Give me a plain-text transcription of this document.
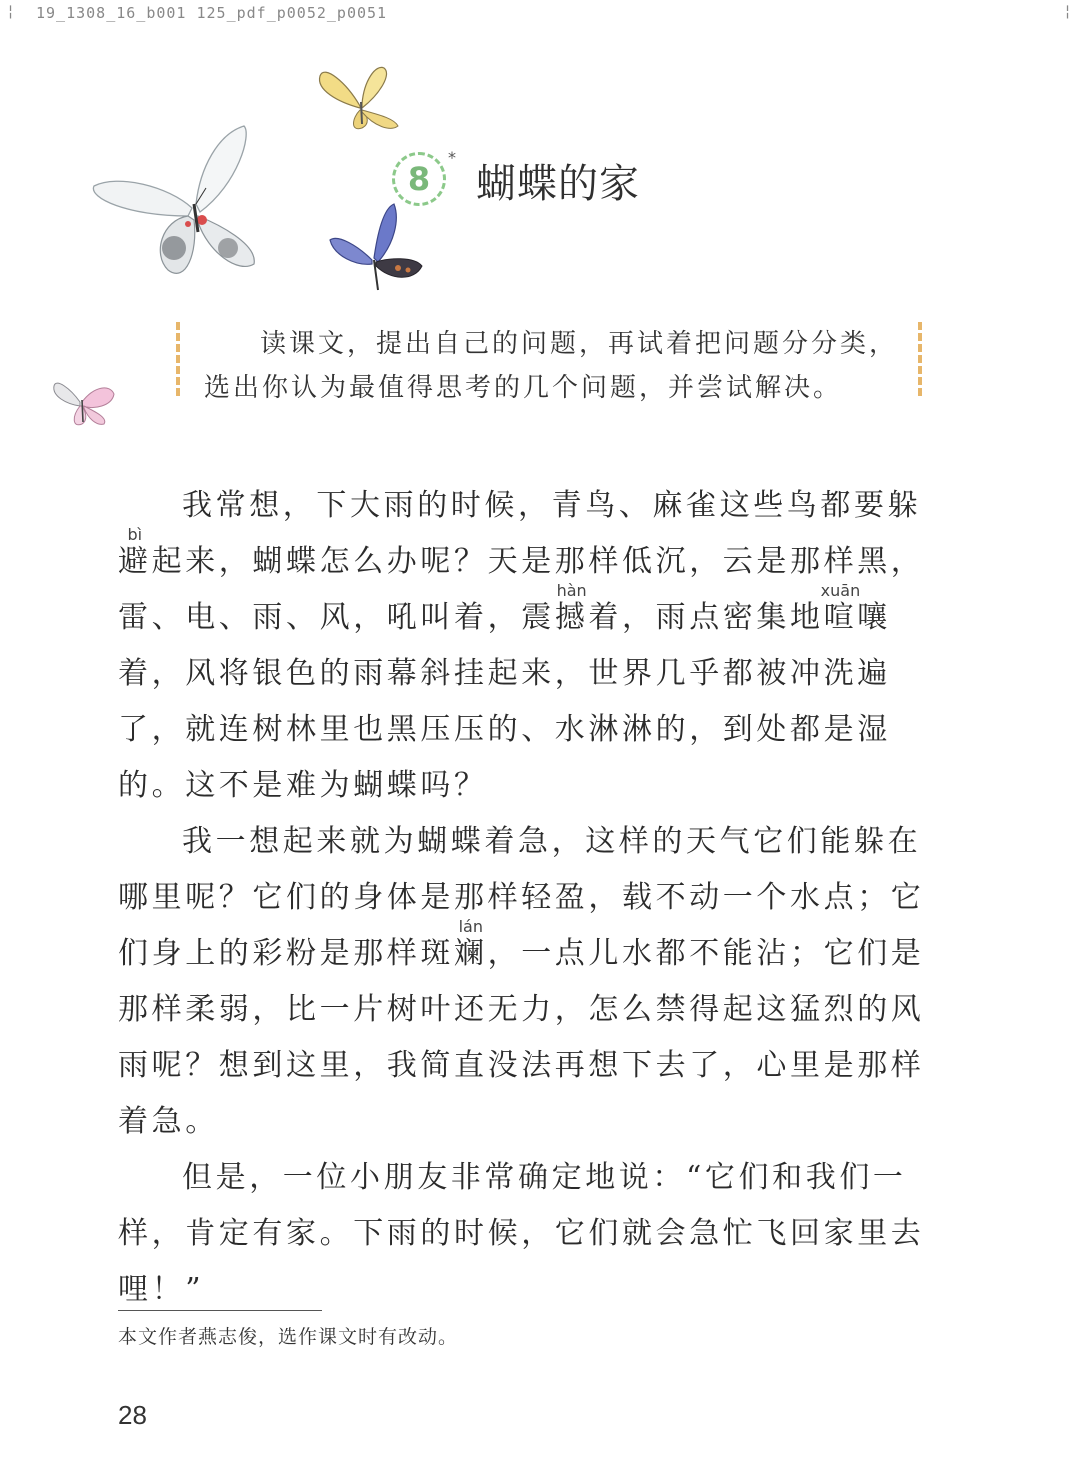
¦ 19_1308_16_b001 125_pdf_p0052_p0051	¦
8
*
蝴蝶的家

读课文，提出自己的问题，再试着把问题分分类，

选出你认为最值得思考的几个问题，并尝试解决。

我常想，下大雨的时候，青鸟、麻雀这些鸟都要躲避bì起来，蝴蝶怎么办呢？天是那样低沉，云是那样黑，雷、电、雨、风，吼叫着，震撼hàn着，雨点密集地喧xuān嚷着，风将银色的雨幕斜挂起来，世界几乎都被冲洗遍了，就连树林里也黑压压的、水淋淋的，到处都是湿的。这不是难为蝴蝶吗？

我一想起来就为蝴蝶着急，这样的天气它们能躲在哪里呢？它们的身体是那样轻盈，载不动一个水点；它们身上的彩粉是那样斑斓lán，一点儿水都不能沾；它们是那样柔弱，比一片树叶还无力，怎么禁得起这猛烈的风雨呢？想到这里，我简直没法再想下去了，心里是那样着急。

但是，一位小朋友非常确定地说：“它们和我们一样，肯定有家。下雨的时候，它们就会急忙飞回家里去哩！”

本文作者燕志俊，选作课文时有改动。
28
